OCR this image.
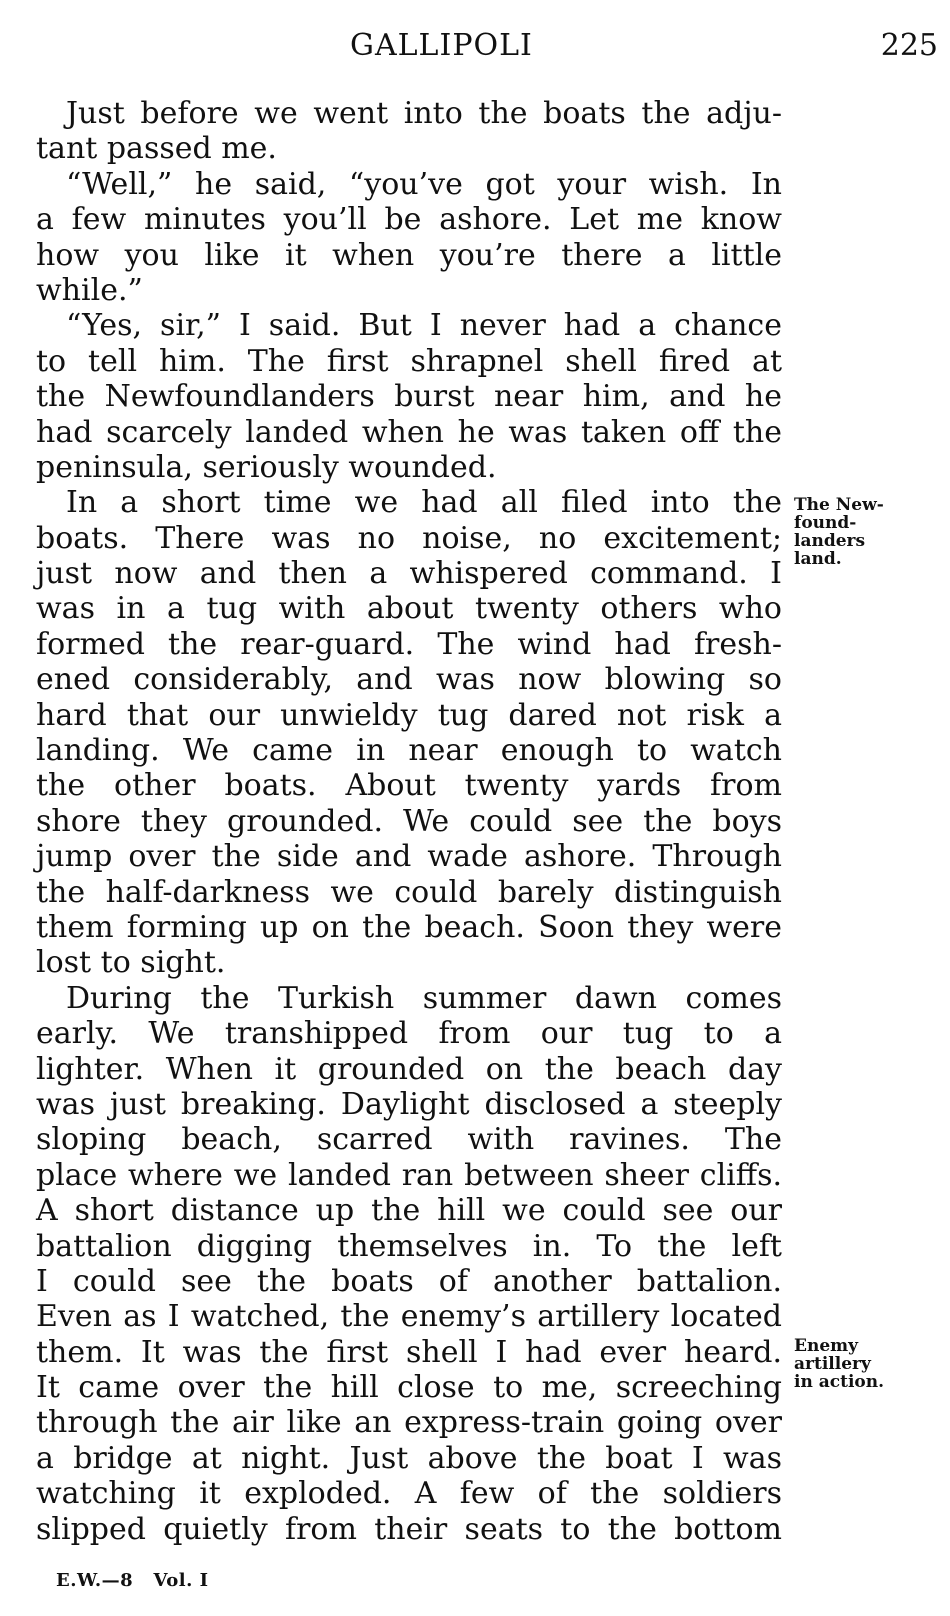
GALLIPOLI	225
Just before we went into the boats the adju-
tant passed me.
“Well,” he said, “you’ve got your wish. In
a few minutes you’ll be ashore. Let me know
how you like it when you’re there a little
while.”
“Yes, sir,” I said. But I never had a chance
to tell him. The first shrapnel shell fired at
the Newfoundlanders burst near him, and he
had scarcely landed when he was taken off the
peninsula, seriously wounded.
In a short time we had all filed into the
boats. There was no noise, no excitement;
just now and then a whispered command. I
was in a tug with about twenty others who
formed the rear-guard. The wind had fresh-
ened considerably, and was now blowing so
hard that our unwieldy tug dared not risk a
landing. We came in near enough to watch
the other boats. About twenty yards from
shore they grounded. We could see the boys
jump over the side and wade ashore. Through
the half-darkness we could barely distinguish
them forming up on the beach. Soon they were
lost to sight.
During the Turkish summer dawn comes
early. We transhipped from our tug to a
lighter. When it grounded on the beach day
was just breaking. Daylight disclosed a steeply
sloping beach, scarred with ravines. The
place where we landed ran between sheer cliffs.
A short distance up the hill we could see our
battalion digging themselves in. To the left
I could see the boats of another battalion.
Even as I watched, the enemy’s artillery located
them. It was the first shell I had ever heard.
It came over the hill close to me, screeching
through the air like an express-train going over
a bridge at night. Just above the boat I was
watching it exploded. A few of the soldiers
slipped quietly from their seats to the bottom
The New-
found-
landers
land.
Enemy
artillery
in action.
E.W.—8   Vol. I
